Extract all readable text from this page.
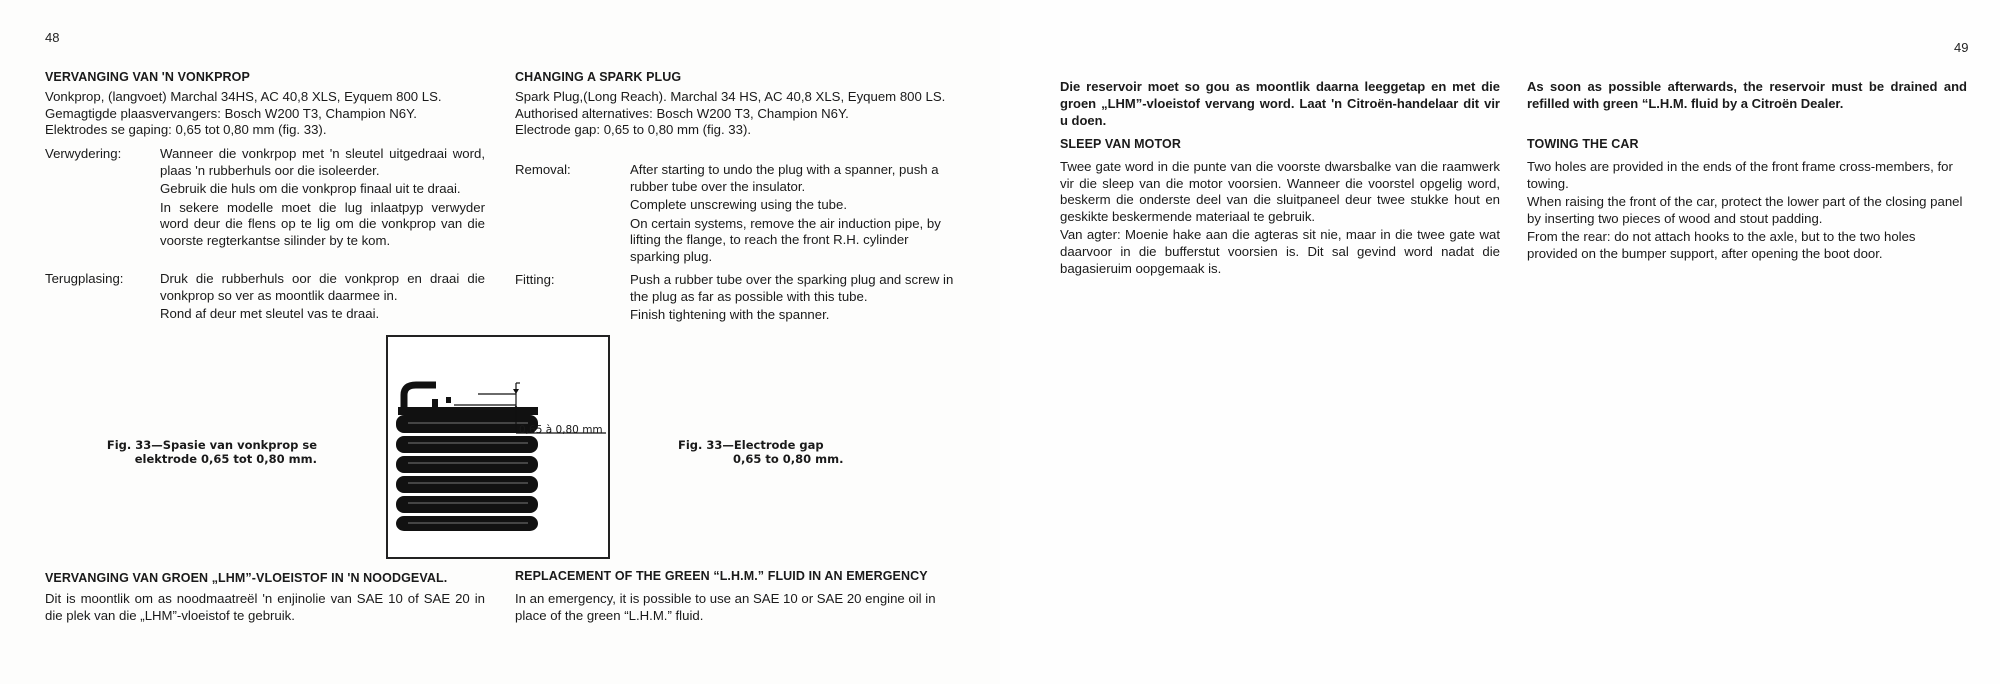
48
VERVANGING VAN 'N VONKPROP

Vonkprop, (langvoet) Marchal 34HS, AC 40,8 XLS, Eyquem 800 LS.

Gemagtigde plaasvervangers: Bosch W200 T3, Champion N6Y.

Elektrodes se gaping: 0,65 tot 0,80 mm (fig. 33).

Verwydering:	Wanneer die vonkrpop met 'n sleutel uitgedraai word, plaas 'n rubberhuls oor die isoleerder.
Gebruik die huls om die vonkprop finaal uit te draai.
In sekere modelle moet die lug inlaatpyp verwyder word deur die flens op te lig om die vonkprop van die voorste regterkantse silinder by te kom.
Terugplasing:	Druk die rubberhuls oor die vonkprop en draai die vonkprop so ver as moontlik daarmee in.
Rond af deur met sleutel vas te draai.
CHANGING A SPARK PLUG

Spark Plug,(Long Reach). Marchal 34 HS, AC 40,8 XLS, Eyquem 800 LS. Authorised alternatives: Bosch W200 T3, Champion N6Y.

Electrode gap: 0,65 to 0,80 mm (fig. 33).

Removal:	After starting to undo the plug with a spanner, push a rubber tube over the insulator.
Complete unscrewing using the tube.
On certain systems, remove the air induction pipe, by lifting the flange, to reach the front R.H. cylinder sparking plug.
Fitting:	Push a rubber tube over the sparking plug and screw in the plug as far as possible with this tube.
Finish tightening with the spanner.
Fig. 33—Spasie van vonkprop se
elektrode 0,65 tot 0,80 mm.
Fig. 33—Electrode gap
0,65 to 0,80 mm.
0,65 à 0,80 mm
VERVANGING VAN GROEN „LHM”-VLOEISTOF IN 'N NOODGEVAL.
Dit is moontlik om as noodmaatreël 'n enjinolie van SAE 10 of SAE 20 in die plek van die „LHM”-vloeistof te gebruik.
REPLACEMENT OF THE GREEN “L.H.M.” FLUID IN AN EMERGENCY
In an emergency, it is possible to use an SAE 10 or SAE 20 engine oil in place of the green “L.H.M.” fluid.
49
Die reservoir moet so gou as moontlik daarna leeggetap en met die groen „LHM”-vloeistof vervang word. Laat 'n Citroën-handelaar dit vir u doen.
SLEEP VAN MOTOR
Twee gate word in die punte van die voorste dwarsbalke van die raamwerk vir die sleep van die motor voorsien. Wanneer die voorstel opgelig word, beskerm die onderste deel van die sluitpaneel deur twee stukke hout en geskikte beskermende materiaal te gebruik.
Van agter: Moenie hake aan die agteras sit nie, maar in die twee gate wat daarvoor in die bufferstut voorsien is. Dit sal gevind word nadat die bagasieruim oopgemaak is.
As soon as possible afterwards, the reservoir must be drained and refilled with green “L.H.M. fluid by a Citroën Dealer.
TOWING THE CAR
Two holes are provided in the ends of the front frame cross-members, for towing.
When raising the front of the car, protect the lower part of the closing panel by inserting two pieces of wood and stout padding.
From the rear: do not attach hooks to the axle, but to the two holes provided on the bumper support, after opening the boot door.
